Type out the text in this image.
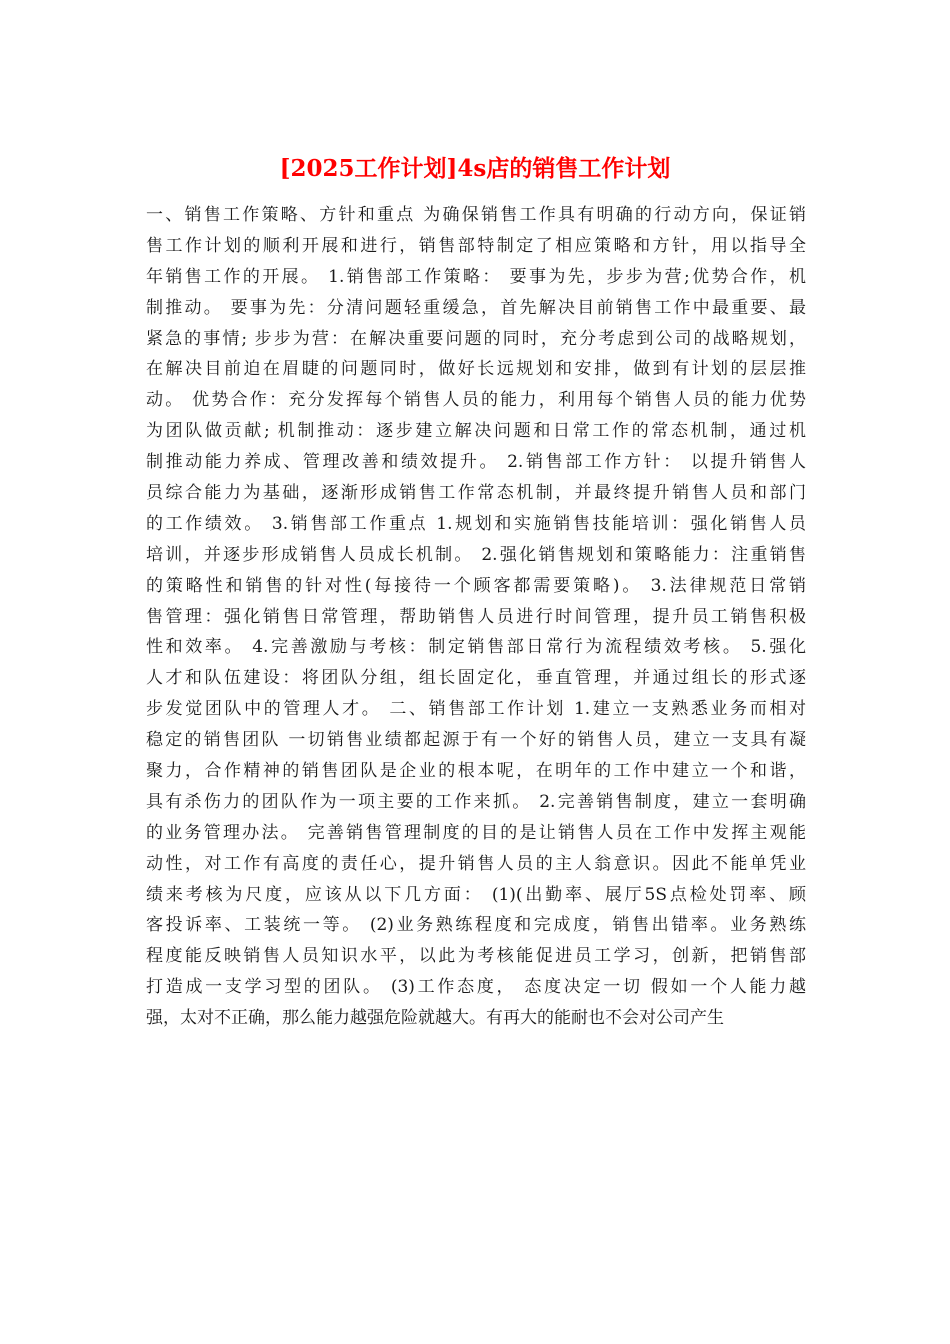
[2025工作计划]4s店的销售工作计划
一、销售工作策略、方针和重点 为确保销售工作具有明确的行动方向，保证销
售工作计划的顺利开展和进行，销售部特制定了相应策略和方针，用以指导全
年销售工作的开展。 1.销售部工作策略： 要事为先，步步为营;优势合作，机
制推动。 要事为先：分清问题轻重缓急，首先解决目前销售工作中最重要、最
紧急的事情; 步步为营：在解决重要问题的同时，充分考虑到公司的战略规划，
在解决目前迫在眉睫的问题同时，做好长远规划和安排，做到有计划的层层推
动。 优势合作：充分发挥每个销售人员的能力，利用每个销售人员的能力优势
为团队做贡献; 机制推动：逐步建立解决问题和日常工作的常态机制，通过机
制推动能力养成、管理改善和绩效提升。 2.销售部工作方针： 以提升销售人
员综合能力为基础，逐渐形成销售工作常态机制，并最终提升销售人员和部门
的工作绩效。 3.销售部工作重点 1.规划和实施销售技能培训：强化销售人员
培训，并逐步形成销售人员成长机制。 2.强化销售规划和策略能力：注重销售
的策略性和销售的针对性(每接待一个顾客都需要策略)。 3.法律规范日常销
售管理：强化销售日常管理，帮助销售人员进行时间管理，提升员工销售积极
性和效率。 4.完善激励与考核：制定销售部日常行为流程绩效考核。 5.强化
人才和队伍建设：将团队分组，组长固定化，垂直管理，并通过组长的形式逐
步发觉团队中的管理人才。 二、销售部工作计划 1.建立一支熟悉业务而相对
稳定的销售团队 一切销售业绩都起源于有一个好的销售人员，建立一支具有凝
聚力，合作精神的销售团队是企业的根本呢，在明年的工作中建立一个和谐，
具有杀伤力的团队作为一项主要的工作来抓。 2.完善销售制度，建立一套明确
的业务管理办法。 完善销售管理制度的目的是让销售人员在工作中发挥主观能
动性，对工作有高度的责任心，提升销售人员的主人翁意识。因此不能单凭业
绩来考核为尺度，应该从以下几方面： (1)(出勤率、展厅5S点检处罚率、顾
客投诉率、工装统一等。 (2)业务熟练程度和完成度，销售出错率。业务熟练
程度能反映销售人员知识水平，以此为考核能促进员工学习，创新，把销售部
打造成一支学习型的团队。 (3)工作态度， 态度决定一切 假如一个人能力越
强，太对不正确，那么能力越强危险就越大。有再大的能耐也不会对公司产生
